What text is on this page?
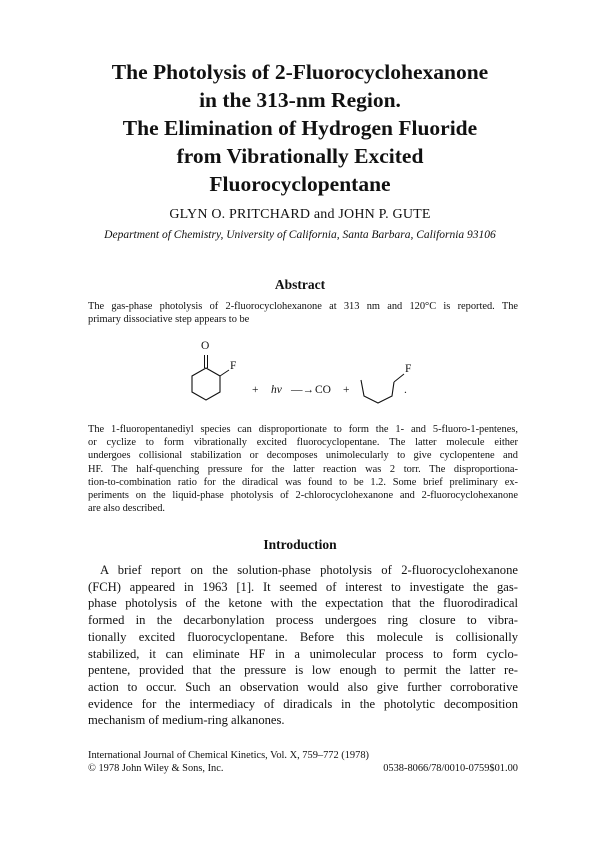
The Photolysis of 2-Fluorocyclohexanone
in the 313-nm Region.
The Elimination of Hydrogen Fluoride
from Vibrationally Excited
Fluorocyclopentane
GLYN O. PRITCHARD and JOHN P. GUTE
Department of Chemistry, University of California, Santa Barbara, California 93106
Abstract
The gas-phase photolysis of 2-fluorocyclohexanone at 313 nm and 120°C is reported. The
primary dissociative step appears to be
O
F
+ hν —→ CO +
F
.
The 1-fluoropentanediyl species can disproportionate to form the 1- and 5-fluoro-1-pentenes,
or cyclize to form vibrationally excited fluorocyclopentane. The latter molecule either
undergoes collisional stabilization or decomposes unimolecularly to give cyclopentene and
HF. The half-quenching pressure for the latter reaction was 2 torr. The disproportiona-
tion-to-combination ratio for the diradical was found to be 1.2. Some brief preliminary ex-
periments on the liquid-phase photolysis of 2-chlorocyclohexanone and 2-fluorocyclohexanone
are also described.
Introduction
A brief report on the solution-phase photolysis of 2-fluorocyclohexanone
(FCH) appeared in 1963 [1]. It seemed of interest to investigate the gas-
phase photolysis of the ketone with the expectation that the fluorodiradical
formed in the decarbonylation process undergoes ring closure to vibra-
tionally excited fluorocyclopentane. Before this molecule is collisionally
stabilized, it can eliminate HF in a unimolecular process to form cyclo-
pentene, provided that the pressure is low enough to permit the latter re-
action to occur. Such an observation would also give further corroborative
evidence for the intermediacy of diradicals in the photolytic decomposition
mechanism of medium-ring alkanones.
International Journal of Chemical Kinetics, Vol. X, 759–772 (1978)
© 1978 John Wiley & Sons, Inc.	0538-8066/78/0010-0759$01.00
